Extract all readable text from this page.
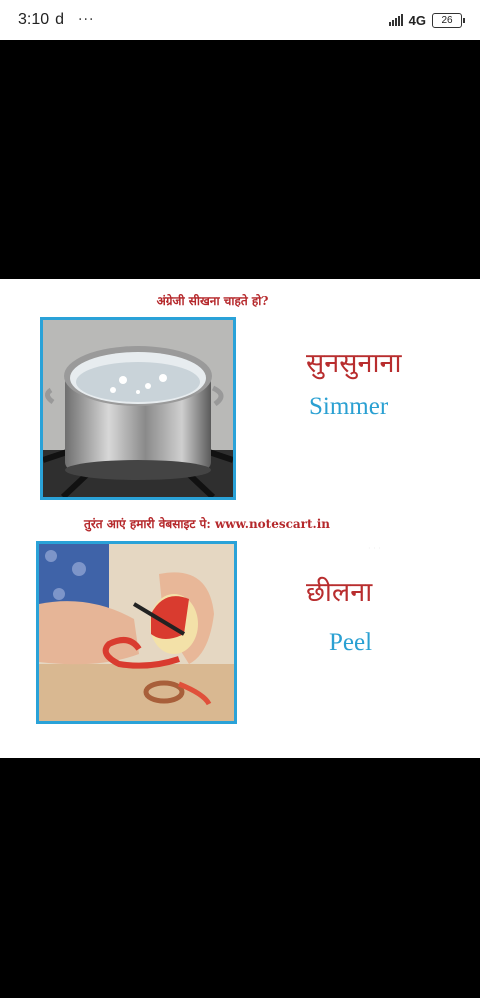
3:10 d ···	4G	26
अंग्रेजी सीखना चाहते हो?
सुनसुनाना
Simmer
तुरंत आएं हमारी वेबसाइट पे: www.notescart.in
· · ·
छीलना
Peel
